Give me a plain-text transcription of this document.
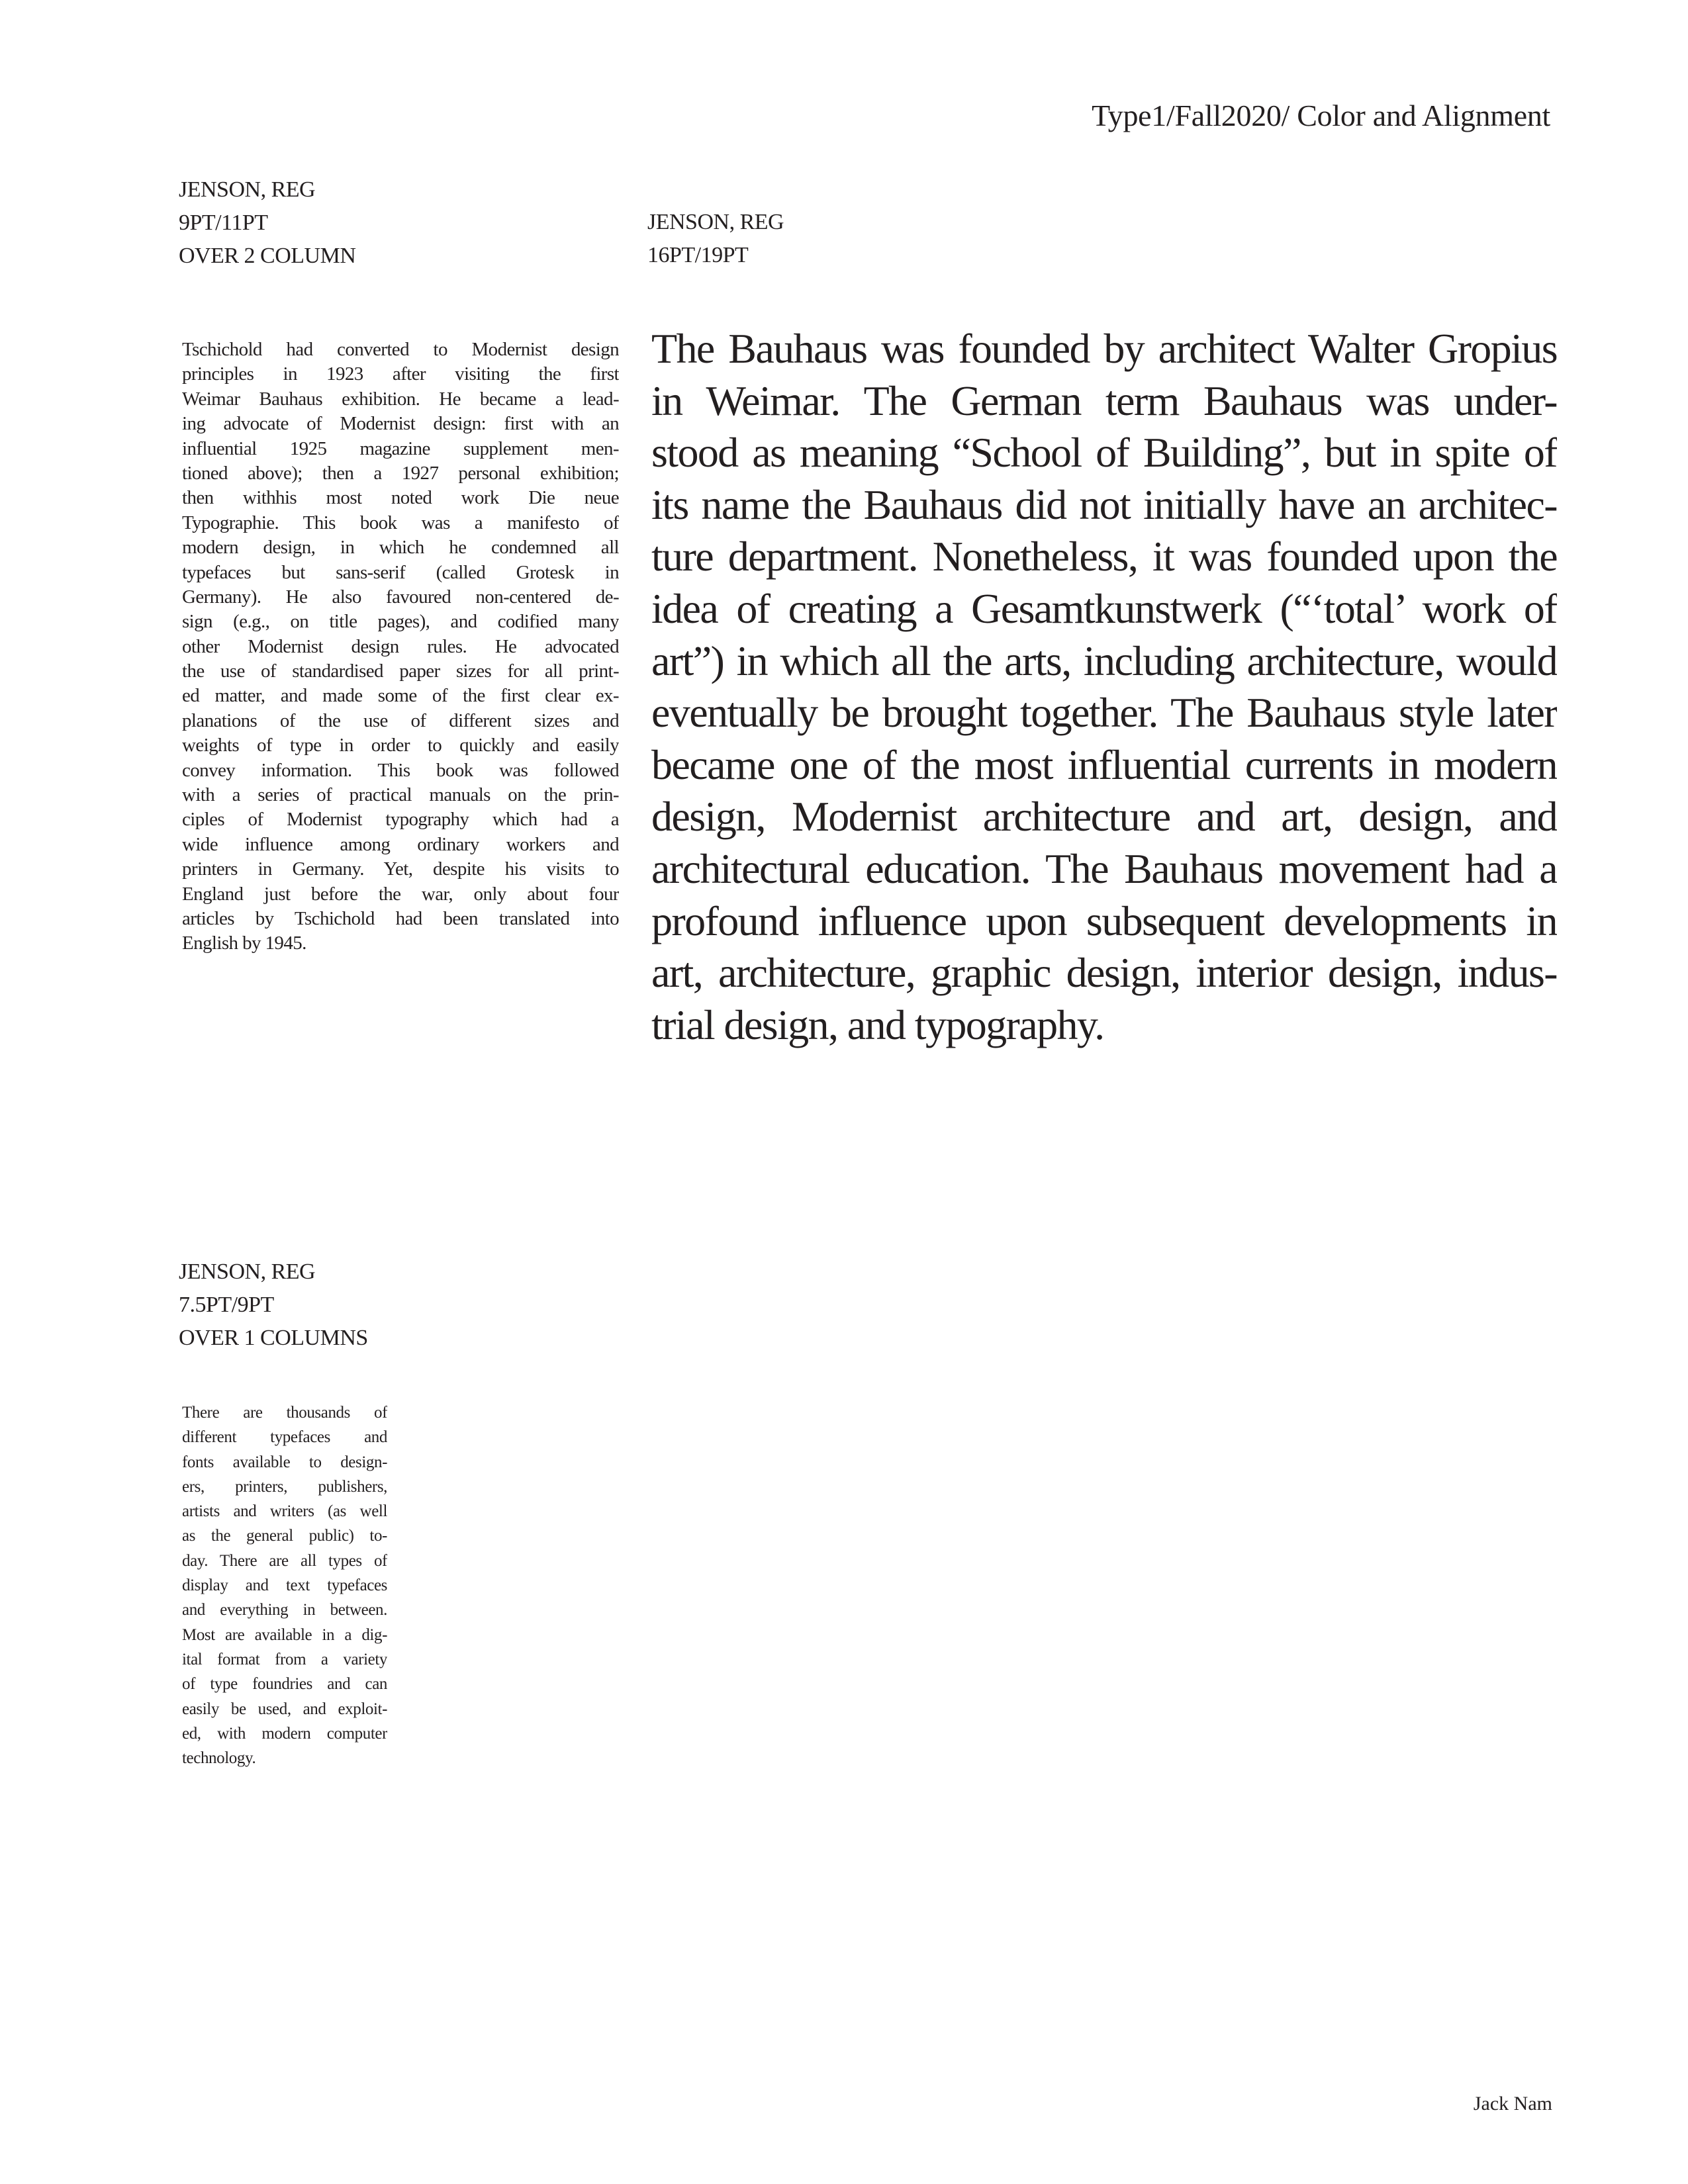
Type1/Fall2020/ Color and Alignment
JENSON, REG
9PT/11PT
OVER 2 COLUMN
JENSON, REG
16PT/19PT
Tschichold had converted to Modernist design
principles in 1923 after visiting the first
Weimar Bauhaus exhibition. He became a lead-
ing advocate of Modernist design: first with an
influential 1925 magazine supplement men-
tioned above); then a 1927 personal exhibition;
then withhis most noted work Die neue
Typographie. This book was a manifesto of
modern design, in which he condemned all
typefaces but sans-serif (called Grotesk in
Germany). He also favoured non-centered de-
sign (e.g., on title pages), and codified many
other Modernist design rules. He advocated
the use of standardised paper sizes for all print-
ed matter, and made some of the first clear ex-
planations of the use of different sizes and
weights of type in order to quickly and easily
convey information. This book was followed
with a series of practical manuals on the prin-
ciples of Modernist typography which had a
wide influence among ordinary workers and
printers in Germany. Yet, despite his visits to
England just before the war, only about four
articles by Tschichold had been translated into
English by 1945.
The Bauhaus was founded by architect Walter Gropius
in Weimar. The German term Bauhaus was under-
stood as meaning “School of Building”, but in spite of
its name the Bauhaus did not initially have an architec-
ture department. Nonetheless, it was founded upon the
idea of creating a Gesamtkunstwerk (“‘total’ work of
art”) in which all the arts, including architecture, would
eventually be brought together. The Bauhaus style later
became one of the most influential currents in modern
design, Modernist architecture and art, design, and
architectural education. The Bauhaus movement had a
profound influence upon subsequent developments in
art, architecture, graphic design, interior design, indus-
trial design, and typography.
JENSON, REG
7.5PT/9PT
OVER 1 COLUMNS
There are thousands of
different typefaces and
fonts available to design-
ers, printers, publishers,
artists and writers (as well
as the general public) to-
day. There are all types of
display and text typefaces
and everything in between.
Most are available in a dig-
ital format from a variety
of type foundries and can
easily be used, and exploit-
ed, with modern computer
technology.
Jack Nam
